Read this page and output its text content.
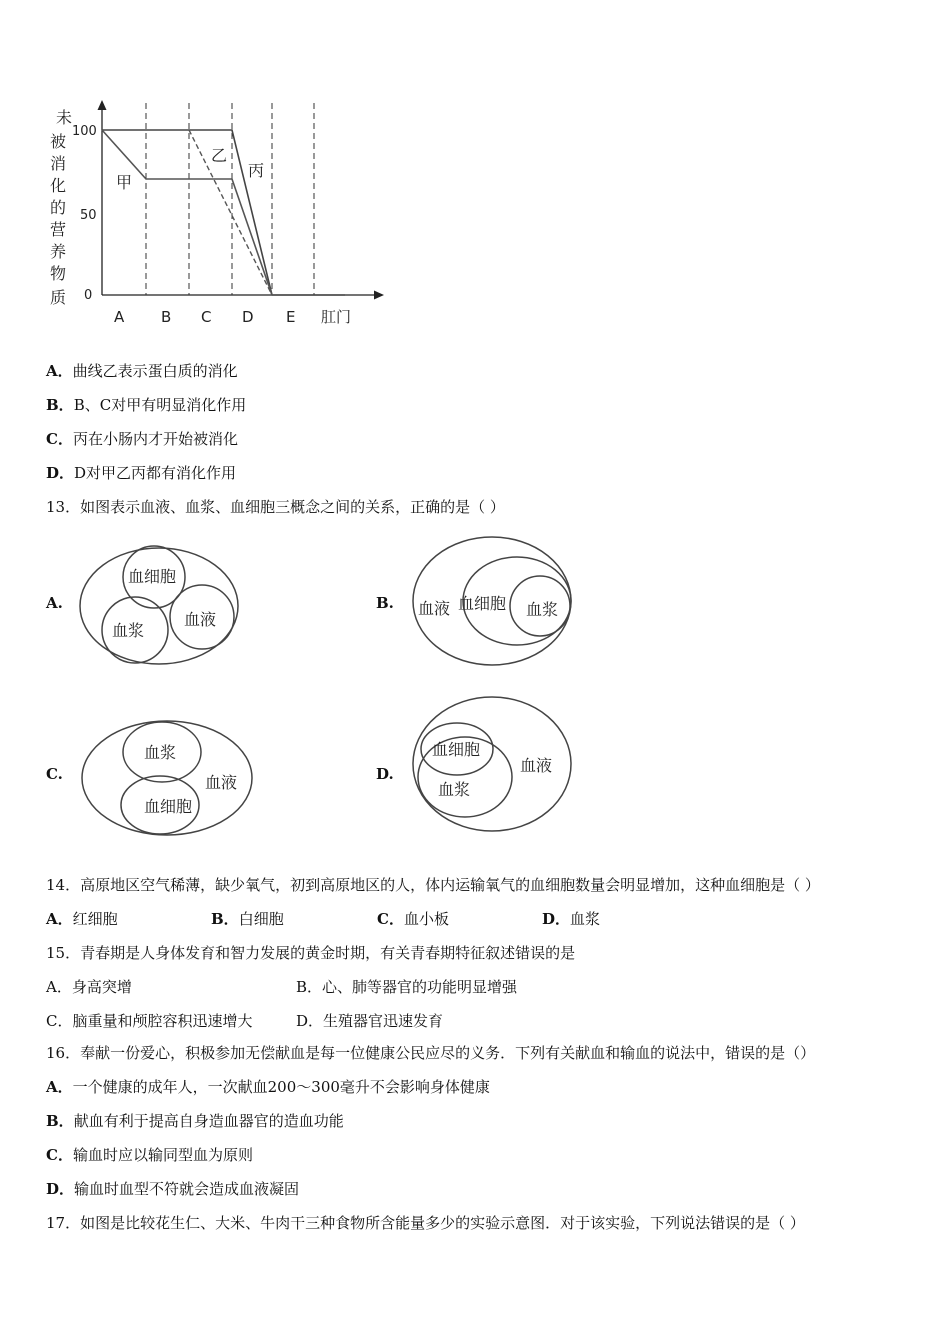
未
被
消
化
的
营
养
物
质
100
50
0
甲
乙
丙
A B C D E 肛门
A．曲线乙表示蛋白质的消化
B．B、C对甲有明显消化作用
C．丙在小肠内才开始被消化
D．D对甲乙丙都有消化作用
13．如图表示血液、血浆、血细胞三概念之间的关系，正确的是（ ）
A.
血细胞
血浆
血液
B. 血液 血细胞 血浆
C.
血浆
血细胞
血液	D.
血细胞
血浆
血液
14．高原地区空气稀薄，缺少氧气，初到高原地区的人，体内运输氧气的血细胞数量会明显增加，这种血细胞是（ ）
A．红细胞	B．白细胞	C．血小板	D．血浆
15．青春期是人身体发育和智力发展的黄金时期，有关青春期特征叙述错误的是
A．身高突增	B．心、肺等器官的功能明显增强
C．脑重量和颅腔容积迅速增大	D．生殖器官迅速发育
16．奉献一份爱心，积极参加无偿献血是每一位健康公民应尽的义务．下列有关献血和输血的说法中，错误的是（）
A．一个健康的成年人，一次献血200～300毫升不会影响身体健康
B．献血有利于提高自身造血器官的造血功能
C．输血时应以输同型血为原则
D．输血时血型不符就会造成血液凝固
17．如图是比较花生仁、大米、牛肉干三种食物所含能量多少的实验示意图．对于该实验，下列说法错误的是（ ）
